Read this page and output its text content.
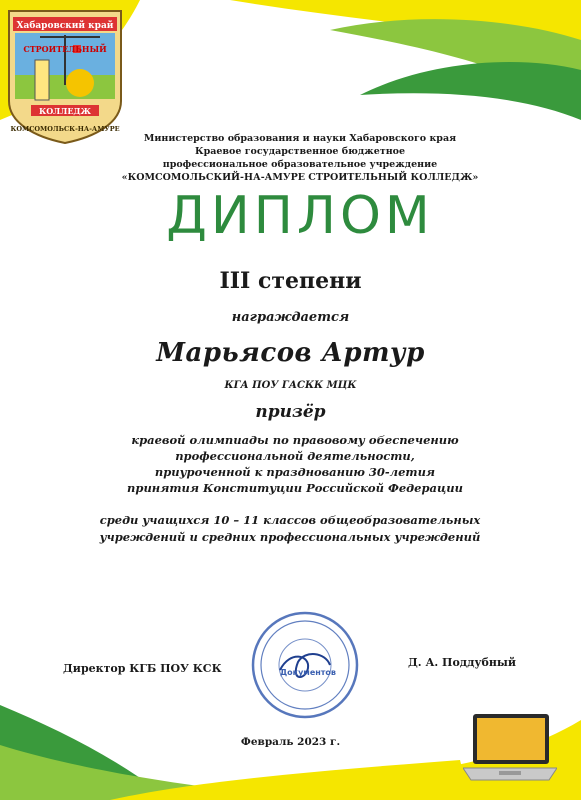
Хабаровский край
СТРОИТЕЛЬНЫЙ
КОЛЛЕДЖ
КОМСОМОЛЬСК-НА-АМУРЕ
Министерство образования и науки Хабаровского края
Краевое государственное бюджетное
профессиональное образовательное учреждение
«КОМСОМОЛЬСКИЙ-НА-АМУРЕ СТРОИТЕЛЬНЫЙ КОЛЛЕДЖ»
ДИПЛОМ
III степени
награждается
Марьясов Артур
КГА ПОУ ГАСКК МЦК
призёр
краевой олимпиады по правовому обеспечению
профессиональной деятельности,
приуроченной к празднованию 30-летия
принятия Конституции Российской Федерации
среди учащихся 10 – 11 классов общеобразовательных
учреждений и средних профессиональных учреждений
Документов
Директор КГБ ПОУ КСК	Д. А. Поддубный
Февраль 2023 г.
